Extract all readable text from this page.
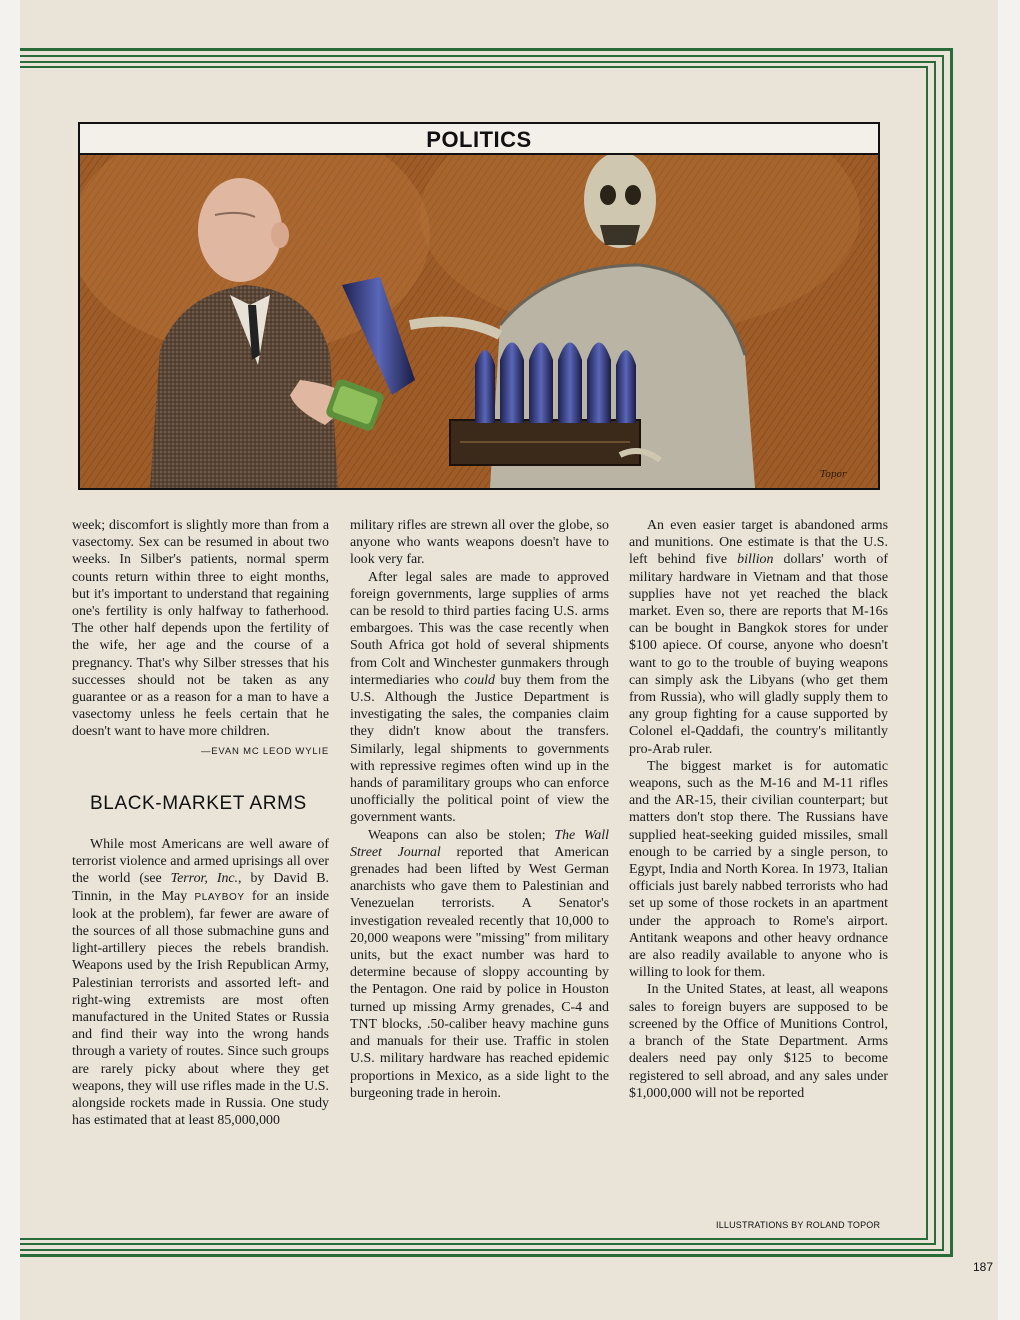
POLITICS
Topor

week; discomfort is slightly more than from a vasectomy. Sex can be resumed in about two weeks. In Silber's patients, normal sperm counts return within three to eight months, but it's important to understand that regaining one's fertility is only halfway to fatherhood. The other half depends upon the fertility of the wife, her age and the course of a pregnancy. That's why Silber stresses that his successes should not be taken as any guarantee or as a reason for a man to have a vasectomy unless he feels certain that he doesn't want to have more children.

—EVAN MC LEOD WYLIE
BLACK-MARKET ARMS

While most Americans are well aware of terrorist violence and armed uprisings all over the world (see Terror, Inc., by David B. Tinnin, in the May PLAYBOY for an inside look at the problem), far fewer are aware of the sources of all those submachine guns and light-artillery pieces the rebels brandish. Weapons used by the Irish Republican Army, Palestinian terrorists and assorted left- and right-wing extremists are most often manufactured in the United States or Russia and find their way into the wrong hands through a variety of routes. Since such groups are rarely picky about where they get weapons, they will use rifles made in the U.S. alongside rockets made in Russia. One study has estimated that at least 85,000,000

military rifles are strewn all over the globe, so anyone who wants weapons doesn't have to look very far.

After legal sales are made to approved foreign governments, large supplies of arms can be resold to third parties facing U.S. arms embargoes. This was the case recently when South Africa got hold of several shipments from Colt and Winchester gunmakers through intermediaries who could buy them from the U.S. Although the Justice Department is investigating the sales, the companies claim they didn't know about the transfers. Similarly, legal shipments to governments with repressive regimes often wind up in the hands of paramilitary groups who can enforce unofficially the political point of view the government wants.

Weapons can also be stolen; The Wall Street Journal reported that American grenades had been lifted by West German anarchists who gave them to Palestinian and Venezuelan terrorists. A Senator's investigation revealed recently that 10,000 to 20,000 weapons were "missing" from military units, but the exact number was hard to determine because of sloppy accounting by the Pentagon. One raid by police in Houston turned up missing Army grenades, C-4 and TNT blocks, .50-caliber heavy machine guns and manuals for their use. Traffic in stolen U.S. military hardware has reached epidemic proportions in Mexico, as a side light to the burgeoning trade in heroin.

An even easier target is abandoned arms and munitions. One estimate is that the U.S. left behind five billion dollars' worth of military hardware in Vietnam and that those supplies have not yet reached the black market. Even so, there are reports that M-16s can be bought in Bangkok stores for under $100 apiece. Of course, anyone who doesn't want to go to the trouble of buying weapons can simply ask the Libyans (who get them from Russia), who will gladly supply them to any group fighting for a cause supported by Colonel el-Qaddafi, the country's militantly pro-Arab ruler.

The biggest market is for automatic weapons, such as the M-16 and M-11 rifles and the AR-15, their civilian counterpart; but matters don't stop there. The Russians have supplied heat-seeking guided missiles, small enough to be carried by a single person, to Egypt, India and North Korea. In 1973, Italian officials just barely nabbed terrorists who had set up some of those rockets in an apartment under the approach to Rome's airport. Antitank weapons and other heavy ordnance are also readily available to anyone who is willing to look for them.

In the United States, at least, all weapons sales to foreign buyers are supposed to be screened by the Office of Munitions Control, a branch of the State Department. Arms dealers need pay only $125 to become registered to sell abroad, and any sales under $1,000,000 will not be reported

ILLUSTRATIONS BY ROLAND TOPOR
187
